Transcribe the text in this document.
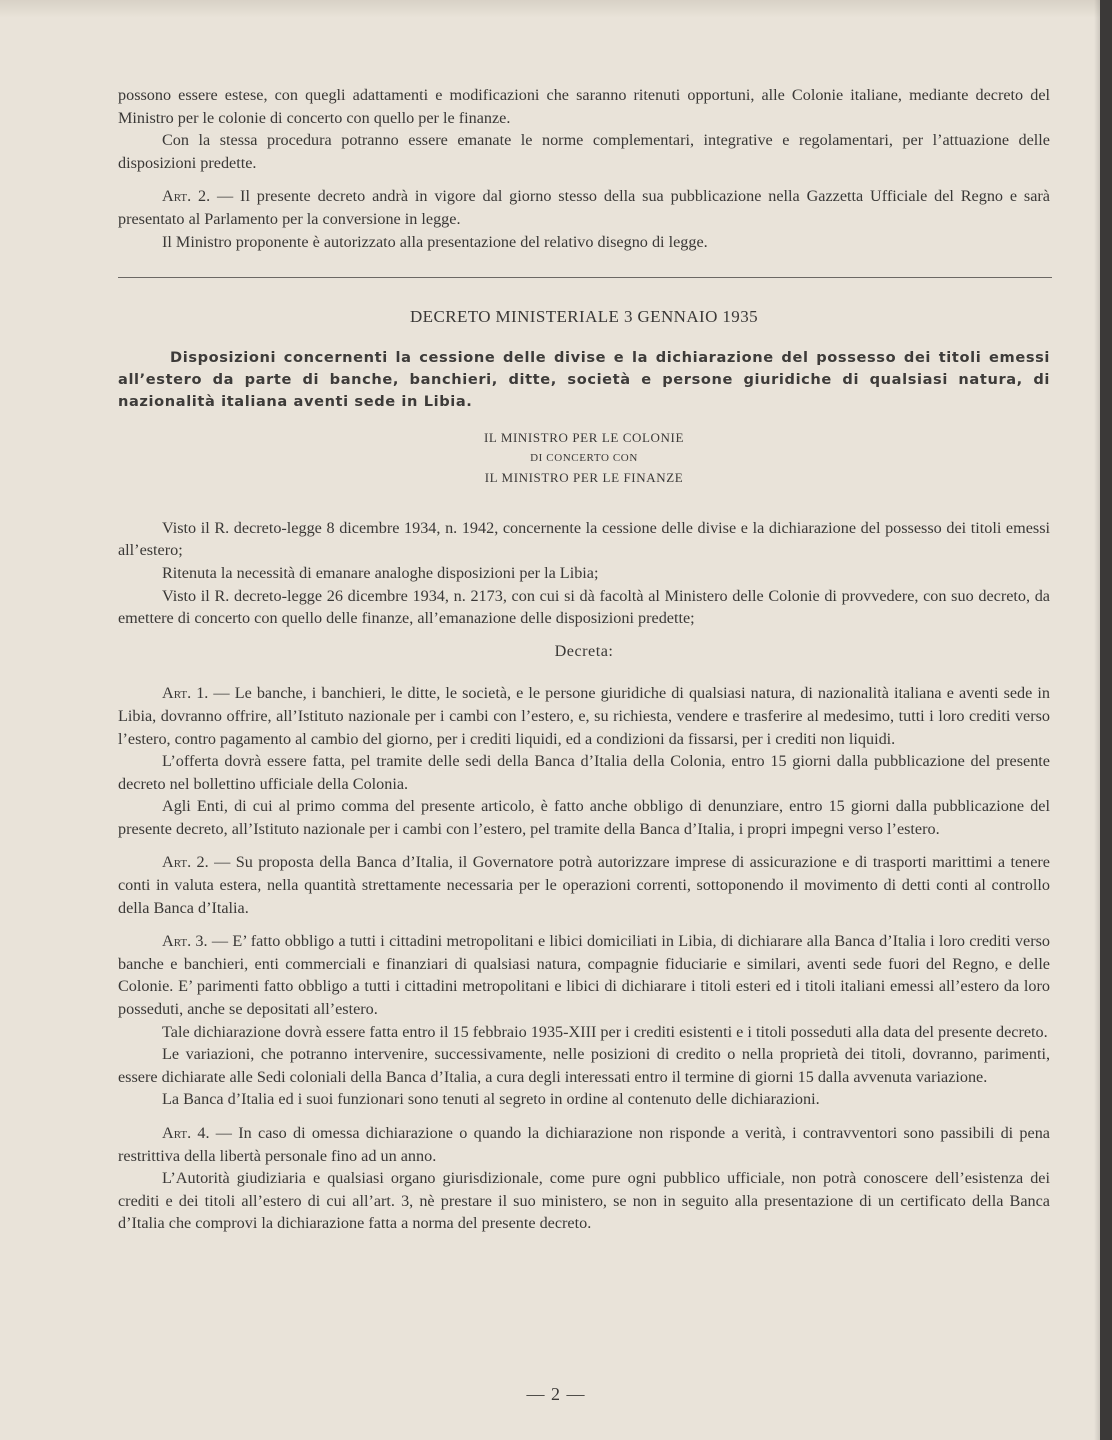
possono essere estese, con quegli adattamenti e modificazioni che saranno ritenuti opportuni, alle Colonie italiane, mediante decreto del Ministro per le colonie di concerto con quello per le finanze.

Con la stessa procedura potranno essere emanate le norme complementari, integrative e regolamentari, per l’attuazione delle disposizioni predette.

Art. 2. — Il presente decreto andrà in vigore dal giorno stesso della sua pubblicazione nella Gazzetta Ufficiale del Regno e sarà presentato al Parlamento per la conversione in legge.

Il Ministro proponente è autorizzato alla presentazione del relativo disegno di legge.

DECRETO MINISTERIALE 3 GENNAIO 1935

Disposizioni concernenti la cessione delle divise e la dichiarazione del possesso dei titoli emessi all’estero da parte di banche, banchieri, ditte, società e persone giuridiche di qualsiasi natura, di nazionalità italiana aventi sede in Libia.

IL MINISTRO PER LE COLONIE
DI CONCERTO CON
IL MINISTRO PER LE FINANZE

Visto il R. decreto-legge 8 dicembre 1934, n. 1942, concernente la cessione delle divise e la dichiarazione del possesso dei titoli emessi all’estero;

Ritenuta la necessità di emanare analoghe disposizioni per la Libia;

Visto il R. decreto-legge 26 dicembre 1934, n. 2173, con cui si dà facoltà al Ministero delle Colonie di provvedere, con suo decreto, da emettere di concerto con quello delle finanze, all’emanazione delle disposizioni predette;

Decreta:

Art. 1. — Le banche, i banchieri, le ditte, le società, e le persone giuridiche di qualsiasi natura, di nazionalità italiana e aventi sede in Libia, dovranno offrire, all’Istituto nazionale per i cambi con l’estero, e, su richiesta, vendere e trasferire al medesimo, tutti i loro crediti verso l’estero, contro pagamento al cambio del giorno, per i crediti liquidi, ed a condizioni da fissarsi, per i crediti non liquidi.

L’offerta dovrà essere fatta, pel tramite delle sedi della Banca d’Italia della Colonia, entro 15 giorni dalla pubblicazione del presente decreto nel bollettino ufficiale della Colonia.

Agli Enti, di cui al primo comma del presente articolo, è fatto anche obbligo di denunziare, entro 15 giorni dalla pubblicazione del presente decreto, all’Istituto nazionale per i cambi con l’estero, pel tramite della Banca d’Italia, i propri impegni verso l’estero.

Art. 2. — Su proposta della Banca d’Italia, il Governatore potrà autorizzare imprese di assicurazione e di trasporti marittimi a tenere conti in valuta estera, nella quantità strettamente necessaria per le operazioni correnti, sottoponendo il movimento di detti conti al controllo della Banca d’Italia.

Art. 3. — E’ fatto obbligo a tutti i cittadini metropolitani e libici domiciliati in Libia, di dichiarare alla Banca d’Italia i loro crediti verso banche e banchieri, enti commerciali e finanziari di qualsiasi natura, compagnie fiduciarie e similari, aventi sede fuori del Regno, e delle Colonie. E’ parimenti fatto obbligo a tutti i cittadini metropolitani e libici di dichiarare i titoli esteri ed i titoli italiani emessi all’estero da loro posseduti, anche se depositati all’estero.

Tale dichiarazione dovrà essere fatta entro il 15 febbraio 1935-XIII per i crediti esistenti e i titoli posseduti alla data del presente decreto.

Le variazioni, che potranno intervenire, successivamente, nelle posizioni di credito o nella proprietà dei titoli, dovranno, parimenti, essere dichiarate alle Sedi coloniali della Banca d’Italia, a cura degli interessati entro il termine di giorni 15 dalla avvenuta variazione.

La Banca d’Italia ed i suoi funzionari sono tenuti al segreto in ordine al contenuto delle dichiarazioni.

Art. 4. — In caso di omessa dichiarazione o quando la dichiarazione non risponde a verità, i contravventori sono passibili di pena restrittiva della libertà personale fino ad un anno.

L’Autorità giudiziaria e qualsiasi organo giurisdizionale, come pure ogni pubblico ufficiale, non potrà conoscere dell’esistenza dei crediti e dei titoli all’estero di cui all’art. 3, nè prestare il suo ministero, se non in seguito alla presentazione di un certificato della Banca d’Italia che comprovi la dichiarazione fatta a norma del presente decreto.

— 2 —
